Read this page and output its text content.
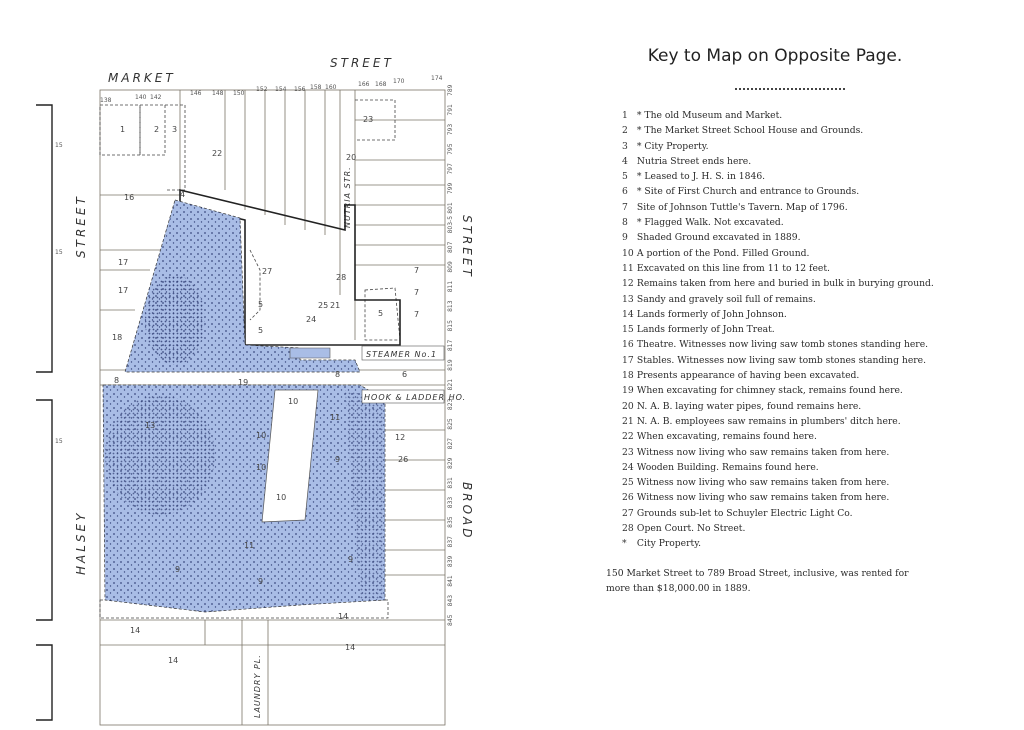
15
15
15
MARKET
STREET
STREET
HALSEY
STREET
BROAD
NUTRIA STR.
LAUNDRY PL.
138	140 142
146 148 150
152 154 156 158 160	166 168 170	174
789
791
793
795
797
799
801
803-5
807
809
811
813
815
817
819
821
823
825
827
829
831
833
835
837
839
841
843
845
1	2 3
4
5
5
5
6
7
7
7
8
8
9
9
9
9
10
10
10
10
11
11
12
13
14
14
14
14
16
17
17
18
19
20
21
22
23
24
25
26
27
28
STEAMER No.1
HOOK & LADDER HO.
Key to Map on Opposite Page.
1 * The old Museum and Market.
2 * The Market Street School House and Grounds.
3 * City Property.
4 Nutria Street ends here.
5 * Leased to J. H. S. in 1846.
6 * Site of First Church and entrance to Grounds.
7 Site of Johnson Tuttle's Tavern. Map of 1796.
8 * Flagged Walk. Not excavated.
9 Shaded Ground excavated in 1889.
10 A portion of the Pond. Filled Ground.
11 Excavated on this line from 11 to 12 feet.
12 Remains taken from here and buried in bulk in burying ground.
13 Sandy and gravely soil full of remains.
14 Lands formerly of John Johnson.
15 Lands formerly of John Treat.
16 Theatre. Witnesses now living saw tomb stones standing here.
17 Stables. Witnesses now living saw tomb stones standing here.
18 Presents appearance of having been excavated.
19 When excavating for chimney stack, remains found here.
20 N. A. B. laying water pipes, found remains here.
21 N. A. B. employees saw remains in plumbers' ditch here.
22 When excavating, remains found here.
23 Witness now living who saw remains taken from here.
24 Wooden Building. Remains found here.
25 Witness now living who saw remains taken from here.
26 Witness now living who saw remains taken from here.
27 Grounds sub-let to Schuyler Electric Light Co.
28 Open Court. No Street.
* City Property.
150 Market Street to 789 Broad Street, inclusive, was rented for
more than $18,000.00 in 1889.
